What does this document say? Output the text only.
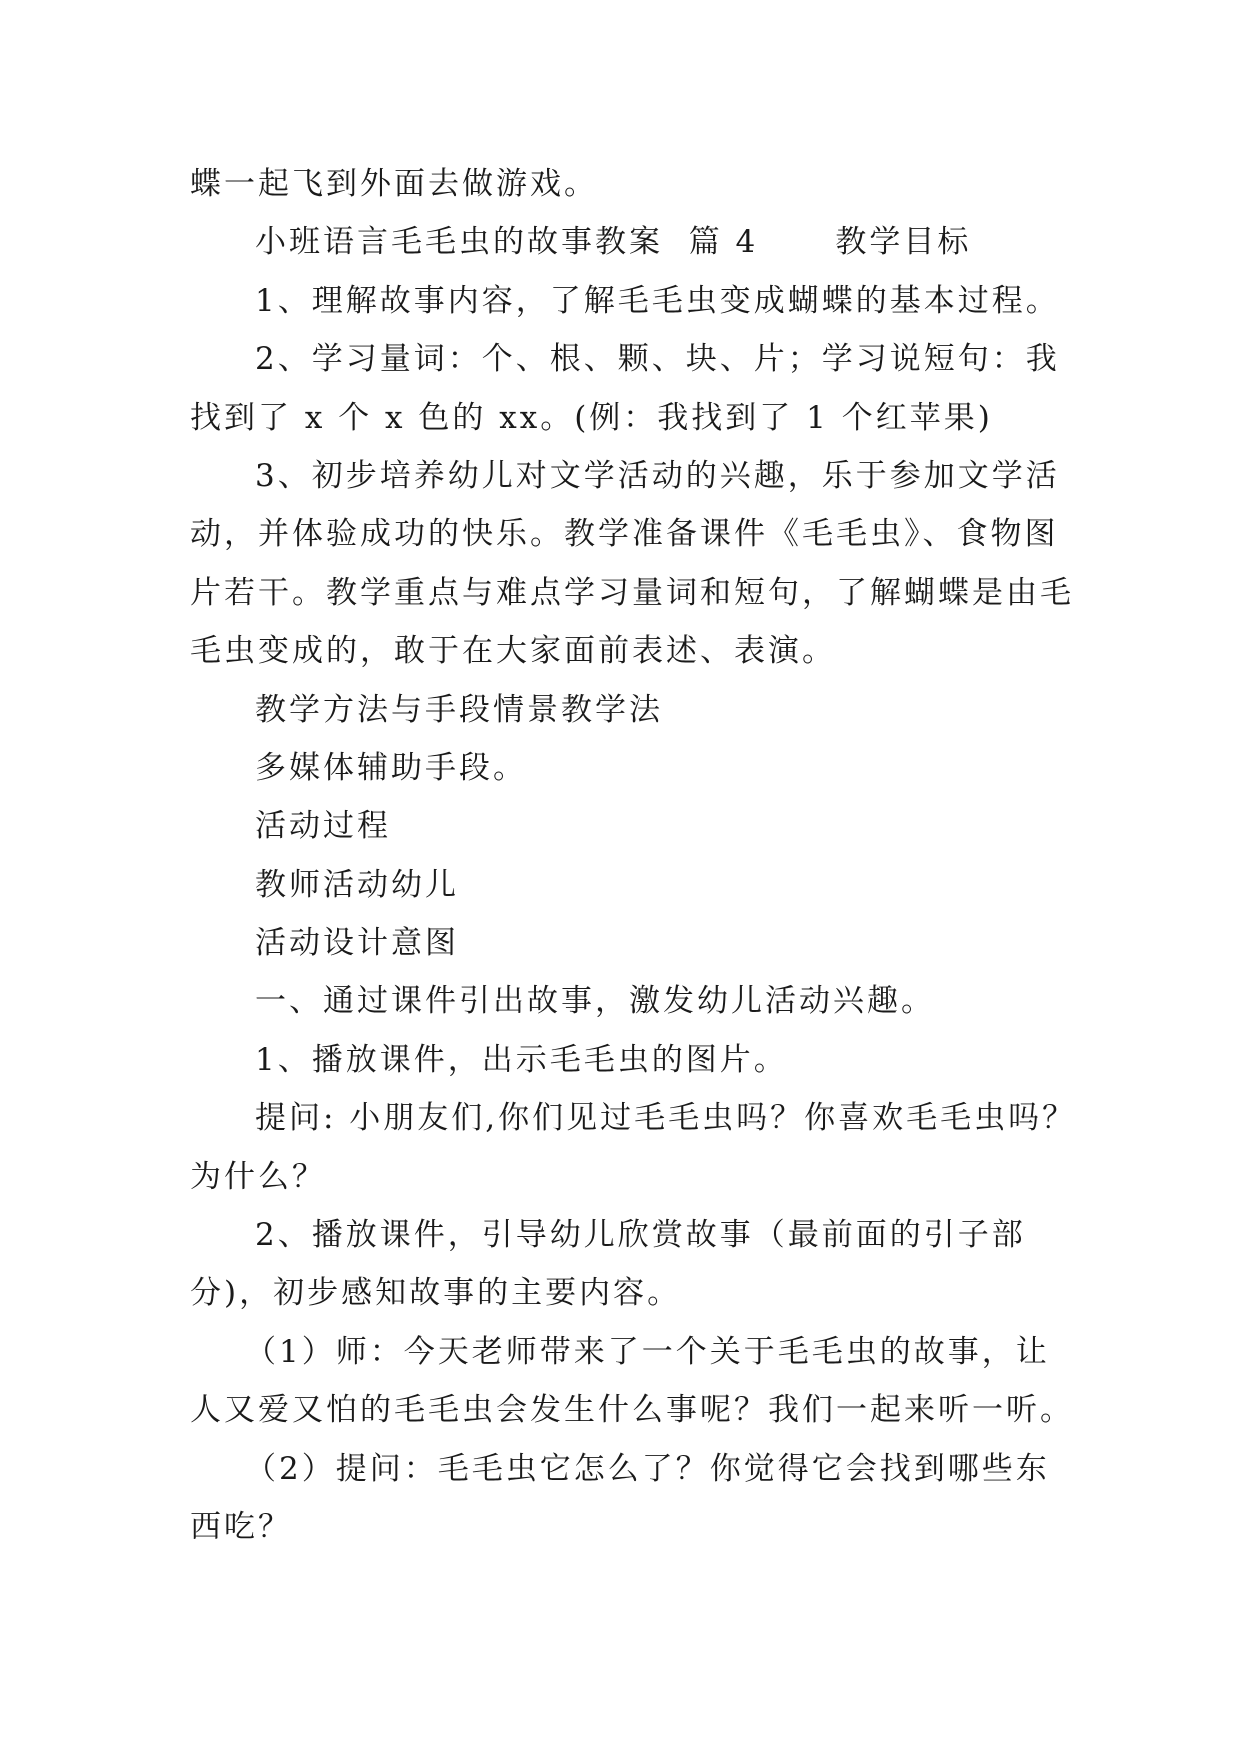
蝶一起飞到外面去做游戏。
小班语言毛毛虫的故事教案  篇 4      教学目标
1、理解故事内容，了解毛毛虫变成蝴蝶的基本过程。
2、学习量词：个、根、颗、块、片；学习说短句：我
找到了 x 个 x 色的 xx。(例：我找到了 1 个红苹果)
3、初步培养幼儿对文学活动的兴趣，乐于参加文学活
动，并体验成功的快乐。教学准备课件《毛毛虫》、食物图
片若干。教学重点与难点学习量词和短句，了解蝴蝶是由毛
毛虫变成的，敢于在大家面前表述、表演。
教学方法与手段情景教学法
多媒体辅助手段。
活动过程
教师活动幼儿
活动设计意图
一、通过课件引出故事，激发幼儿活动兴趣。
1、播放课件，出示毛毛虫的图片。
提问: 小朋友们,你们见过毛毛虫吗？你喜欢毛毛虫吗？
为什么？
2、播放课件，引导幼儿欣赏故事（最前面的引子部
分)，初步感知故事的主要内容。
（1）师：今天老师带来了一个关于毛毛虫的故事，让
人又爱又怕的毛毛虫会发生什么事呢？我们一起来听一听。
（2）提问：毛毛虫它怎么了？你觉得它会找到哪些东
西吃？
